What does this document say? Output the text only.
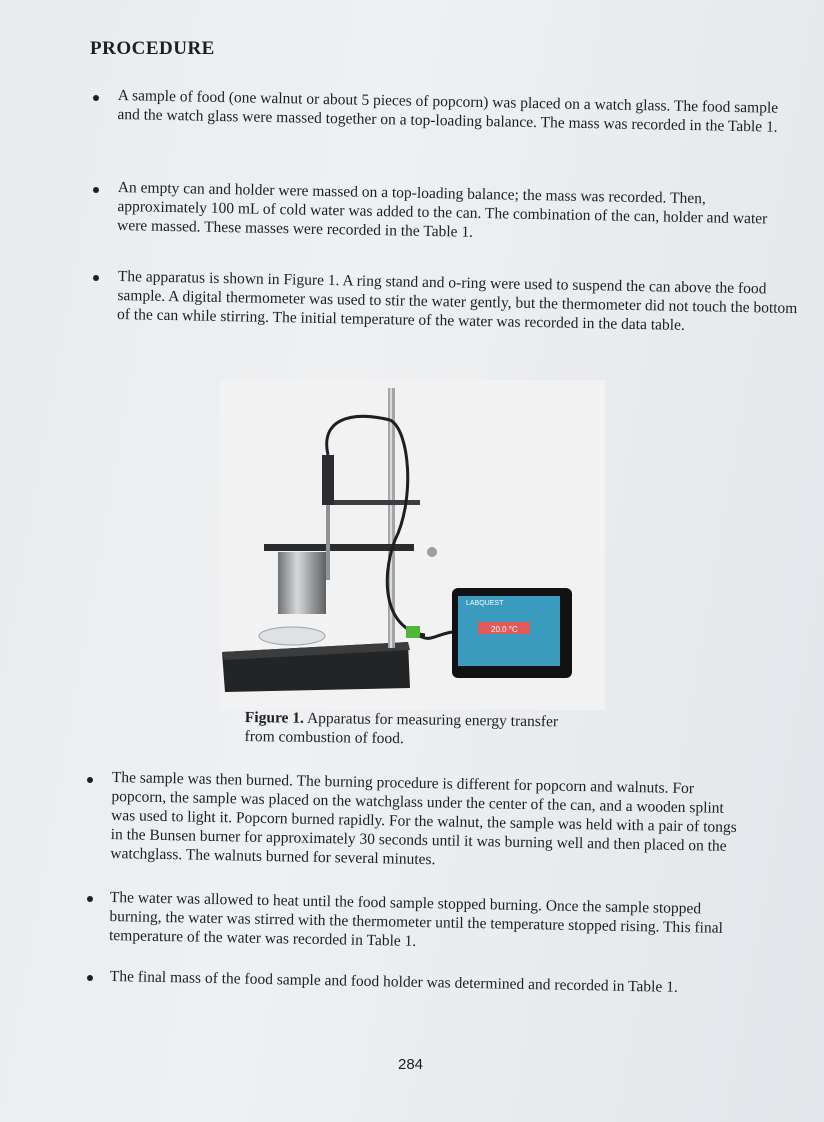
PROCEDURE
A sample of food (one walnut or about 5 pieces of popcorn) was placed on a watch glass. The food sample and the watch glass were massed together on a top-loading balance. The mass was recorded in the Table 1.
An empty can and holder were massed on a top-loading balance; the mass was recorded. Then, approximately 100 mL of cold water was added to the can. The combination of the can, holder and water were massed. These masses were recorded in the Table 1.
The apparatus is shown in Figure 1. A ring stand and o-ring were used to suspend the can above the food sample. A digital thermometer was used to stir the water gently, but the thermometer did not touch the bottom of the can while stirring. The initial temperature of the water was recorded in the data table.
LABQUEST
20.0 °C
Figure 1. Apparatus for measuring energy transfer from combustion of food.
The sample was then burned. The burning procedure is different for popcorn and walnuts. For popcorn, the sample was placed on the watchglass under the center of the can, and a wooden splint was used to light it. Popcorn burned rapidly. For the walnut, the sample was held with a pair of tongs in the Bunsen burner for approximately 30 seconds until it was burning well and then placed on the watchglass. The walnuts burned for several minutes.
The water was allowed to heat until the food sample stopped burning. Once the sample stopped burning, the water was stirred with the thermometer until the temperature stopped rising. This final temperature of the water was recorded in Table 1.
The final mass of the food sample and food holder was determined and recorded in Table 1.
284
